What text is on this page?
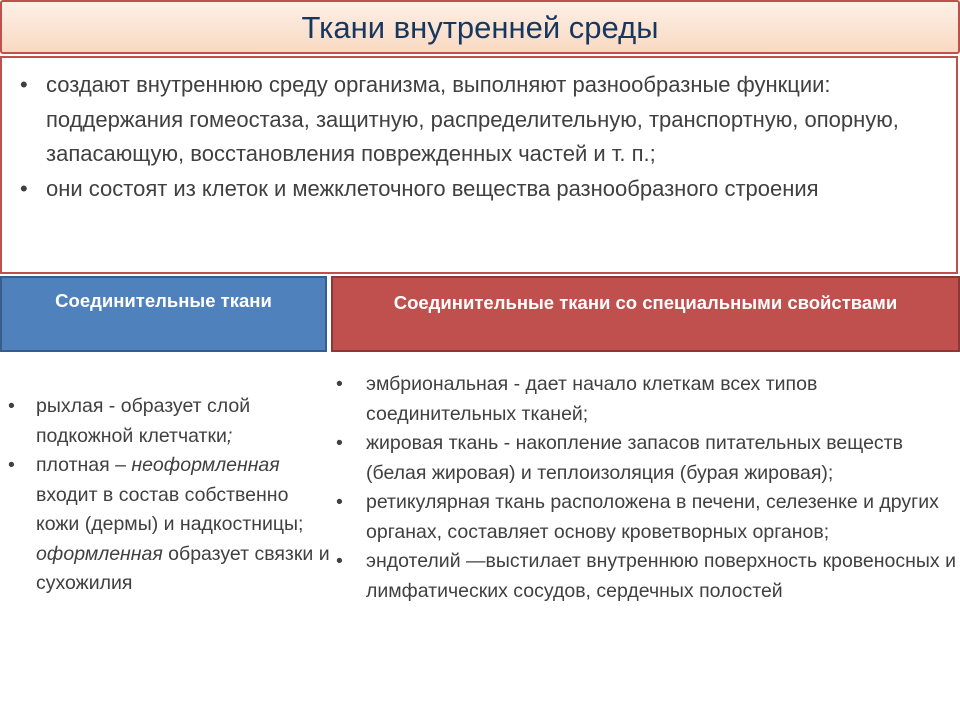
Ткани внутренней среды
• создают внутреннюю среду организма, выполняют разнообразные функции: поддержания гомеостаза, защитную, распределительную, транспортную, опорную, запасающую, восстановления поврежденных частей и т. п.;
• они состоят из клеток и межклеточного вещества разнообразного строения
Соединительные ткани	Соединительные ткани со специальными свойствами
• рыхлая - образует слой подкожной клетчатки;
• плотная – неоформленная входит в состав собственно кожи (дермы) и надкостницы; оформленная образует связки и сухожилия
• эмбриональная - дает начало клеткам всех типов соединительных тканей;
• жировая ткань - накопление запасов питательных веществ (белая жировая) и теплоизоляция (бурая жировая);
• ретикулярная ткань расположена в печени, селезенке и других органах, составляет основу кроветворных органов;
• эндотелий —выстилает внутреннюю поверхность кровеносных и лимфатических сосудов, сердечных полостей
